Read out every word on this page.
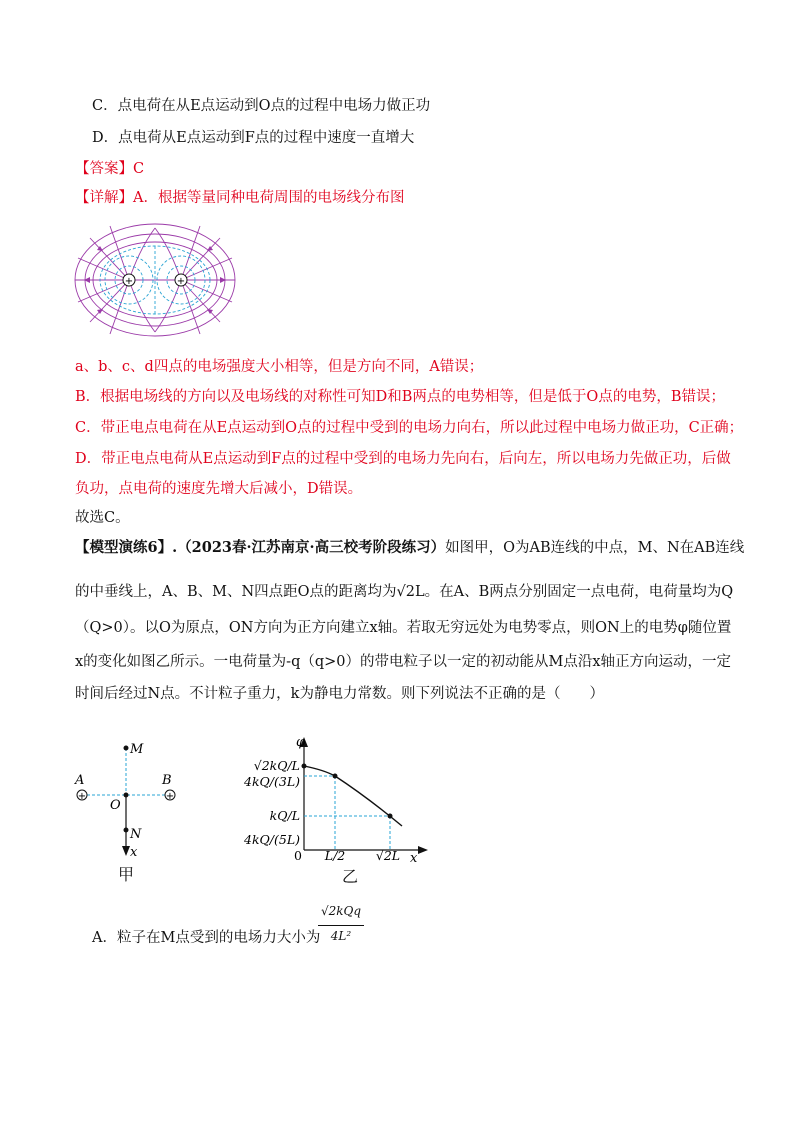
C．点电荷在从E点运动到O点的过程中电场力做正功
D．点电荷从E点运动到F点的过程中速度一直增大
【答案】C
【详解】A．根据等量同种电荷周围的电场线分布图
+	+
a、b、c、d四点的电场强度大小相等，但是方向不同，A错误；
B．根据电场线的方向以及电场线的对称性可知D和B两点的电势相等，但是低于O点的电势，B错误；
C．带正电点电荷在从E点运动到O点的过程中受到的电场力向右，所以此过程中电场力做正功，C正确；
D．带正电点电荷从E点运动到F点的过程中受到的电场力先向右，后向左，所以电场力先做正功，后做
负功，点电荷的速度先增大后减小，D错误。
故选C。
【模型演练6】.（2023春·江苏南京·高三校考阶段练习）如图甲，O为AB连线的中点，M、N在AB连线
的中垂线上，A、B、M、N四点距O点的距离均为√2L。在A、B两点分别固定一点电荷，电荷量均为Q
（Q>0）。以O为原点，ON方向为正方向建立x轴。若取无穷远处为电势零点，则ON上的电势φ随位置
x的变化如图乙所示。一电荷量为-q（q>0）的带电粒子以一定的初动能从M点沿x轴正方向运动，一定
时间后经过N点。不计粒子重力，k为静电力常数。则下列说法不正确的是（　　）
+	+
M
A	B
O
N
x
甲
φ
x
√2kQ/L
4kQ/(3L)
kQ/L
4kQ/(5L)
0 L/2 √2L
乙
A．粒子在M点受到的电场力大小为
√2kQq
4L²
